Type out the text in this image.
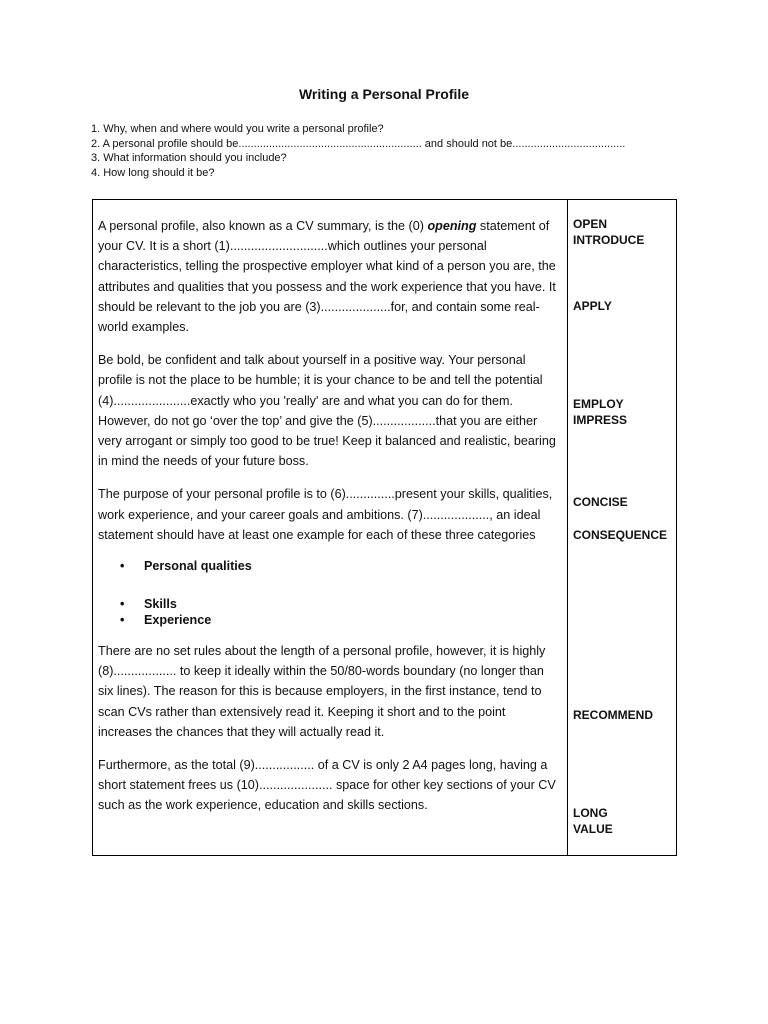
Writing a Personal Profile
1. Why, when and where would you write a personal profile?
2. A personal profile should be............................................................ and should not be.....................................
3. What information should you include?
4. How long should it be?

A personal profile, also known as a CV summary, is the (0) opening statement of your CV. It is a short (1)............................which outlines your personal characteristics, telling the prospective employer what kind of a person you are, the attributes and qualities that you possess and the work experience that you have. It should be relevant to the job you are (3)....................for, and contain some real-world examples.

Be bold, be confident and talk about yourself in a positive way. Your personal profile is not the place to be humble; it is your chance to be and tell the potential (4)......................exactly who you 'really' are and what you can do for them. However, do not go ‘over the top’ and give the (5)..................that you are either very arrogant or simply too good to be true! Keep it balanced and realistic, bearing in mind the needs of your future boss.

The purpose of your personal profile is to (6)..............present your skills, qualities, work experience, and your career goals and ambitions. (7)..................., an ideal statement should have at least one example for each of these three categories

• Personal qualities
• Skills
• Experience

There are no set rules about the length of a personal profile, however, it is highly (8).................. to keep it ideally within the 50/80-words boundary (no longer than six lines). The reason for this is because employers, in the first instance, tend to scan CVs rather than extensively read it. Keeping it short and to the point increases the chances that they will actually read it.

Furthermore, as the total (9)................. of a CV is only 2 A4 pages long, having a short statement frees us (10)..................... space for other key sections of your CV such as the work experience, education and skills sections.

OPEN
INTRODUCE
APPLY
EMPLOY
IMPRESS
CONCISE
CONSEQUENCE
RECOMMEND
LONG
VALUE
